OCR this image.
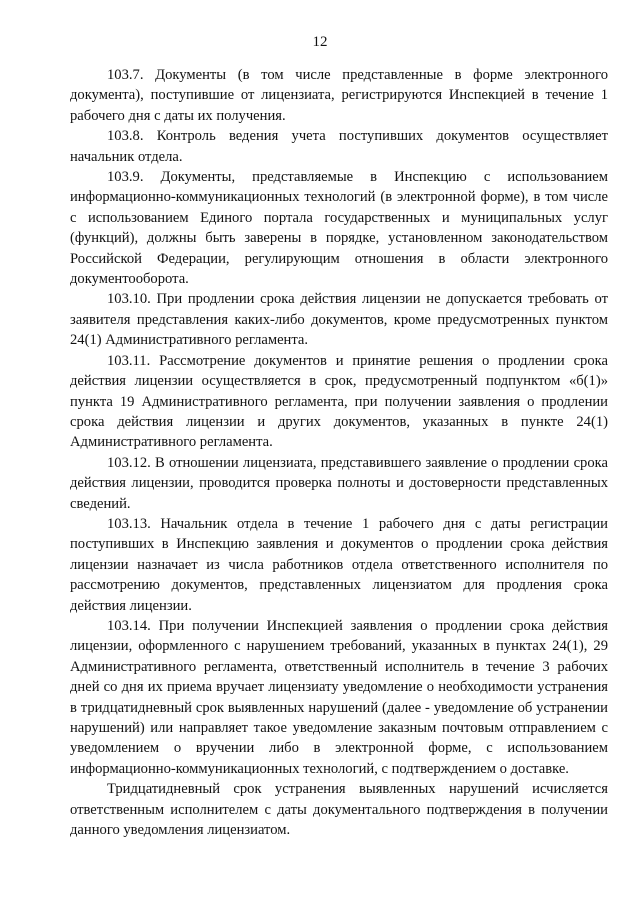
12

103.7. Документы (в том числе представленные в форме электронного документа), поступившие от лицензиата, регистрируются Инспекцией в течение 1 рабочего дня с даты их получения.

103.8. Контроль ведения учета поступивших документов осуществляет начальник отдела.

103.9. Документы, представляемые в Инспекцию с использованием информационно-коммуникационных технологий (в электронной форме), в том числе с использованием Единого портала государственных и муниципальных услуг (функций), должны быть заверены в порядке, установленном законодательством Российской Федерации, регулирующим отношения в области электронного документооборота.

103.10. При продлении срока действия лицензии не допускается требовать от заявителя представления каких-либо документов, кроме предусмотренных пунктом 24(1) Административного регламента.

103.11. Рассмотрение документов и принятие решения о продлении срока действия лицензии осуществляется в срок, предусмотренный подпунктом «б(1)» пункта 19 Административного регламента, при получении заявления о продлении срока действия лицензии и других документов, указанных в пункте 24(1) Административного регламента.

103.12. В отношении лицензиата, представившего заявление о продлении срока действия лицензии, проводится проверка полноты и достоверности представленных сведений.

103.13. Начальник отдела в течение 1 рабочего дня с даты регистрации поступивших в Инспекцию заявления и документов о продлении срока действия лицензии назначает из числа работников отдела ответственного исполнителя по рассмотрению документов, представленных лицензиатом для продления срока действия лицензии.

103.14. При получении Инспекцией заявления о продлении срока действия лицензии, оформленного с нарушением требований, указанных в пунктах 24(1), 29 Административного регламента, ответственный исполнитель в течение 3 рабочих дней со дня их приема вручает лицензиату уведомление о необходимости устранения в тридцатидневный срок выявленных нарушений (далее - уведомление об устранении нарушений) или направляет такое уведомление заказным почтовым отправлением с уведомлением о вручении либо в электронной форме, с использованием информационно-коммуникационных технологий, с подтверждением о доставке.

Тридцатидневный срок устранения выявленных нарушений исчисляется ответственным исполнителем с даты документального подтверждения в получении данного уведомления лицензиатом.
